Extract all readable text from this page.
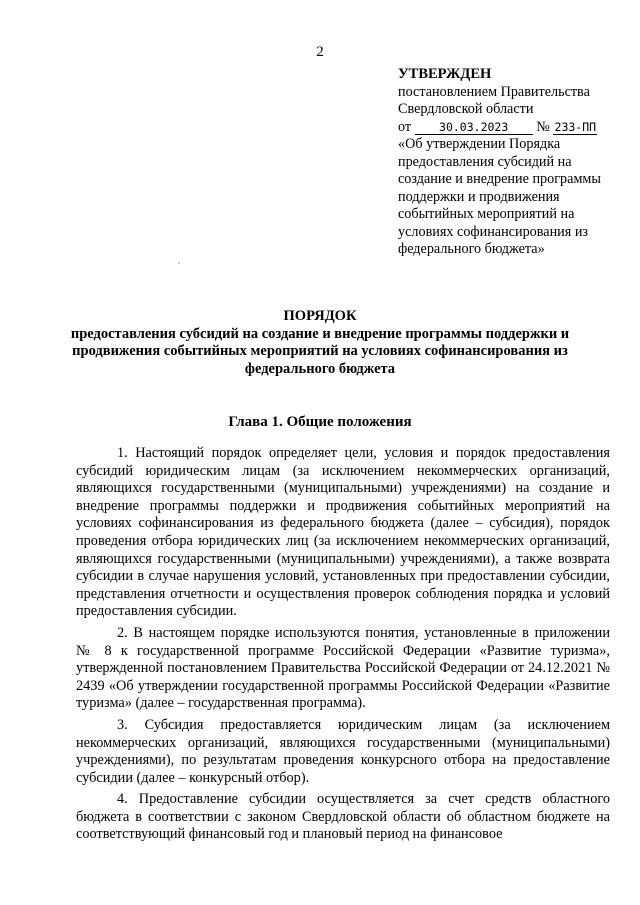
2
УТВЕРЖДЕН
постановлением Правительства
Свердловской области
от 30.03.2023 № 233-ПП
«Об утверждении Порядка предоставления субсидий на создание и внедрение программы поддержки и продвижения событийных мероприятий на условиях софинансирования из федерального бюджета»
ПОРЯДОК
предоставления субсидий на создание и внедрение программы поддержки и продвижения событийных мероприятий на условиях софинансирования из федерального бюджета
Глава 1. Общие положения

1. Настоящий порядок определяет цели, условия и порядок предоставления субсидий юридическим лицам (за исключением некоммерческих организаций, являющихся государственными (муниципальными) учреждениями) на создание и внедрение программы поддержки и продвижения событийных мероприятий на условиях софинансирования из федерального бюджета (далее – субсидия), порядок проведения отбора юридических лиц (за исключением некоммерческих организаций, являющихся государственными (муниципальными) учреждениями), а также возврата субсидии в случае нарушения условий, установленных при предоставлении субсидии, представления отчетности и осуществления проверок соблюдения порядка и условий предоставления субсидии.

2. В настоящем порядке используются понятия, установленные в приложении № 8 к государственной программе Российской Федерации «Развитие туризма», утвержденной постановлением Правительства Российской Федерации от 24.12.2021 № 2439 «Об утверждении государственной программы Российской Федерации «Развитие туризма» (далее – государственная программа).

3. Субсидия предоставляется юридическим лицам (за исключением некоммерческих организаций, являющихся государственными (муниципальными) учреждениями), по результатам проведения конкурсного отбора на предоставление субсидии (далее – конкурсный отбор).

4. Предоставление субсидии осуществляется за счет средств областного бюджета в соответствии с законом Свердловской области об областном бюджете на соответствующий финансовый год и плановый период на финансовое
